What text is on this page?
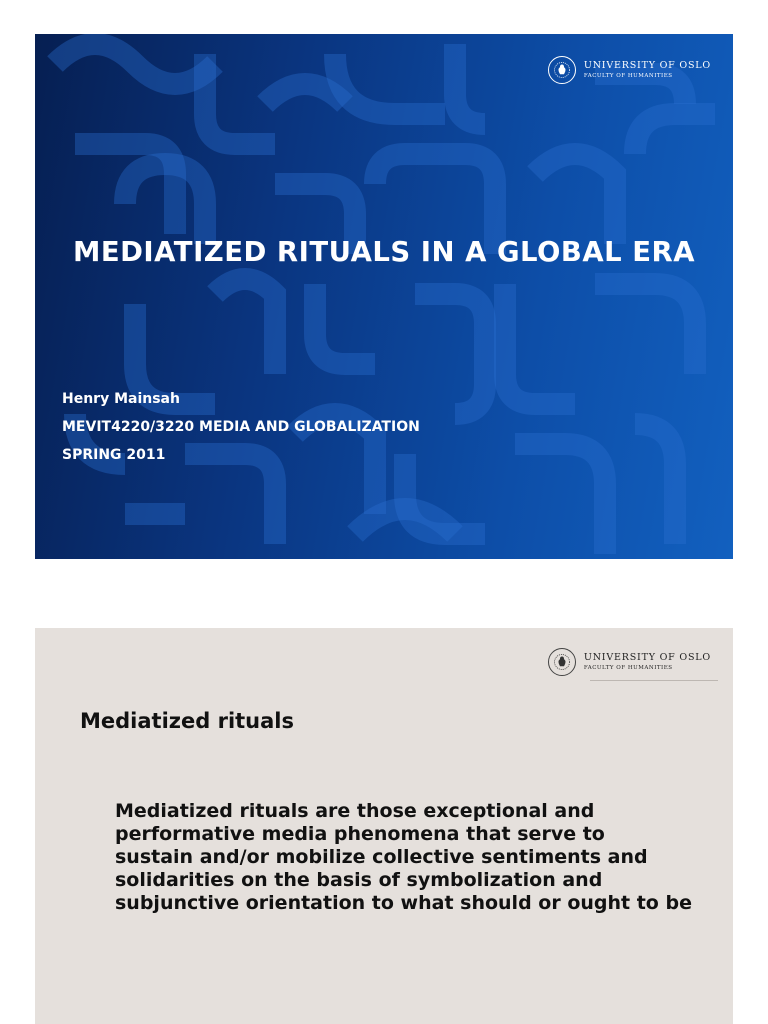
UNIVERSITY OF OSLO
FACULTY OF HUMANITIES
MEDIATIZED RITUALS IN A GLOBAL ERA

Henry Mainsah

MEVIT4220/3220 MEDIA AND GLOBALIZATION

SPRING 2011

UNIVERSITY OF OSLO
FACULTY OF HUMANITIES
Mediatized rituals
Mediatized rituals are those exceptional and
performative media phenomena that serve to
sustain and/or mobilize collective sentiments and
solidarities on the basis of symbolization and
subjunctive orientation to what should or ought to be
